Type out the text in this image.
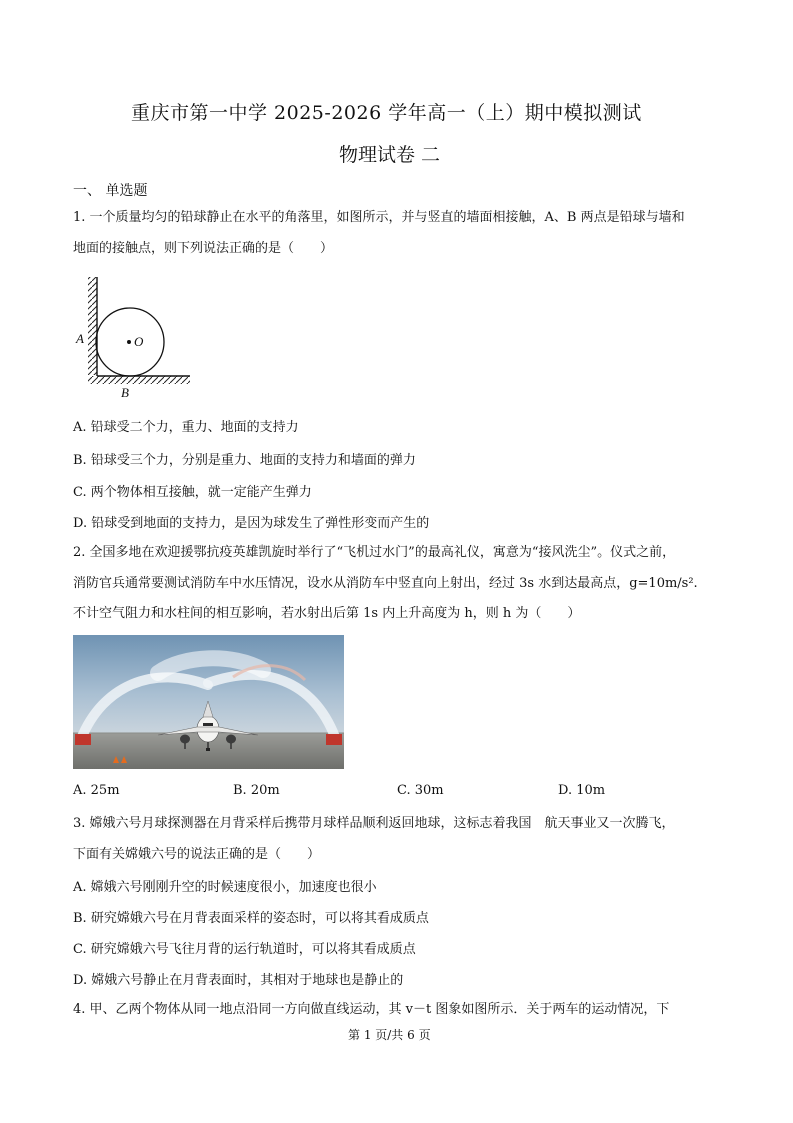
重庆市第一中学 2025-2026 学年高一（上）期中模拟测试
物理试卷 二
一、 单选题
1. 一个质量均匀的铅球静止在水平的角落里，如图所示，并与竖直的墙面相接触，A、B 两点是铅球与墙和
地面的接触点，则下列说法正确的是（　　）
O
A
B
A. 铅球受二个力，重力、地面的支持力
B. 铅球受三个力，分别是重力、地面的支持力和墙面的弹力
C. 两个物体相互接触，就一定能产生弹力
D. 铅球受到地面的支持力，是因为球发生了弹性形变而产生的
2. 全国多地在欢迎援鄂抗疫英雄凯旋时举行了“飞机过水门”的最高礼仪，寓意为“接风洗尘”。仪式之前，
消防官兵通常要测试消防车中水压情况，设水从消防车中竖直向上射出，经过 3s 水到达最高点，g=10m/s².
不计空气阻力和水柱间的相互影响，若水射出后第 1s 内上升高度为 h，则 h 为（　　）
A. 25m	B. 20m	C. 30m	D. 10m
3. 嫦娥六号月球探测器在月背采样后携带月球样品顺利返回地球，这标志着我国　航天事业又一次腾飞，
下面有关嫦娥六号的说法正确的是（　　）
A. 嫦娥六号刚刚升空的时候速度很小，加速度也很小
B. 研究嫦娥六号在月背表面采样的姿态时，可以将其看成质点
C. 研究嫦娥六号飞往月背的运行轨道时，可以将其看成质点
D. 嫦娥六号静止在月背表面时，其相对于地球也是静止的
4. 甲、乙两个物体从同一地点沿同一方向做直线运动，其 v－t 图象如图所示．关于两车的运动情况，下
第 1 页/共 6 页
